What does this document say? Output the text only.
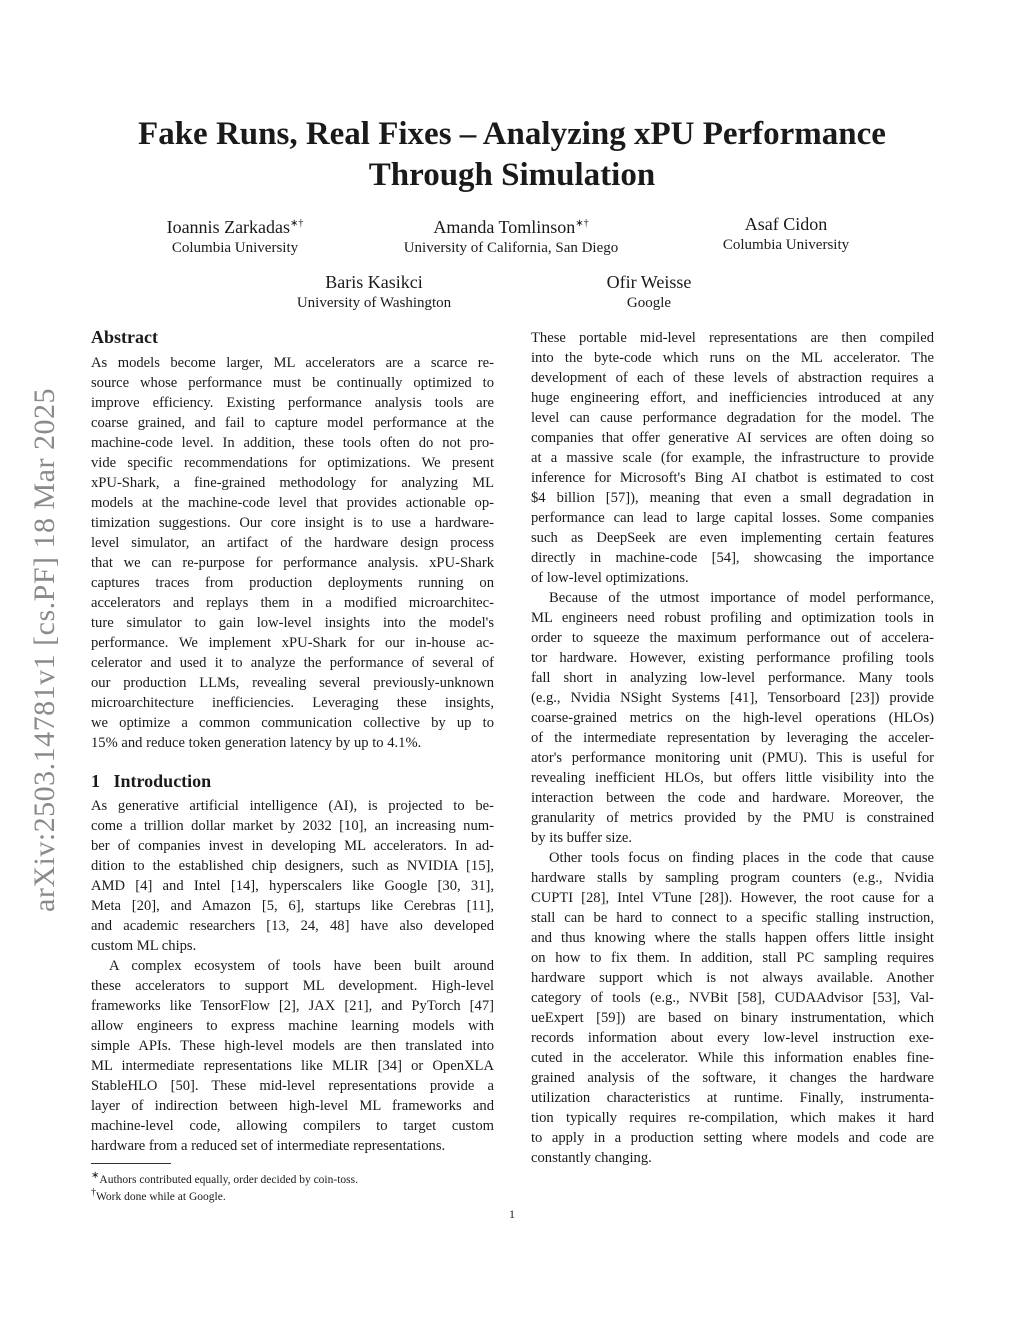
arXiv:2503.14781v1 [cs.PF] 18 Mar 2025
Fake Runs, Real Fixes – Analyzing xPU Performance
Through Simulation
Ioannis Zarkadas∗†
Columbia University
Amanda Tomlinson∗†
University of California, San Diego
Asaf Cidon
Columbia University
Baris Kasikci
University of Washington
Ofir Weisse
Google
Abstract
As models become larger, ML accelerators are a scarce re-
source whose performance must be continually optimized to
improve efficiency. Existing performance analysis tools are
coarse grained, and fail to capture model performance at the
machine-code level. In addition, these tools often do not pro-
vide specific recommendations for optimizations. We present
xPU-Shark, a fine-grained methodology for analyzing ML
models at the machine-code level that provides actionable op-
timization suggestions. Our core insight is to use a hardware-
level simulator, an artifact of the hardware design process
that we can re-purpose for performance analysis. xPU-Shark
captures traces from production deployments running on
accelerators and replays them in a modified microarchitec-
ture simulator to gain low-level insights into the model's
performance. We implement xPU-Shark for our in-house ac-
celerator and used it to analyze the performance of several of
our production LLMs, revealing several previously-unknown
microarchitecture inefficiencies. Leveraging these insights,
we optimize a common communication collective by up to
15% and reduce token generation latency by up to 4.1%.
1   Introduction
As generative artificial intelligence (AI), is projected to be-
come a trillion dollar market by 2032 [10], an increasing num-
ber of companies invest in developing ML accelerators. In ad-
dition to the established chip designers, such as NVIDIA [15],
AMD [4] and Intel [14], hyperscalers like Google [30, 31],
Meta [20], and Amazon [5, 6], startups like Cerebras [11],
and academic researchers [13, 24, 48] have also developed
custom ML chips.
A complex ecosystem of tools have been built around
these accelerators to support ML development. High-level
frameworks like TensorFlow [2], JAX [21], and PyTorch [47]
allow engineers to express machine learning models with
simple APIs. These high-level models are then translated into
ML intermediate representations like MLIR [34] or OpenXLA
StableHLO [50]. These mid-level representations provide a
layer of indirection between high-level ML frameworks and
machine-level code, allowing compilers to target custom
hardware from a reduced set of intermediate representations.
These portable mid-level representations are then compiled
into the byte-code which runs on the ML accelerator. The
development of each of these levels of abstraction requires a
huge engineering effort, and inefficiencies introduced at any
level can cause performance degradation for the model. The
companies that offer generative AI services are often doing so
at a massive scale (for example, the infrastructure to provide
inference for Microsoft's Bing AI chatbot is estimated to cost
$4 billion [57]), meaning that even a small degradation in
performance can lead to large capital losses. Some companies
such as DeepSeek are even implementing certain features
directly in machine-code [54], showcasing the importance
of low-level optimizations.
Because of the utmost importance of model performance,
ML engineers need robust profiling and optimization tools in
order to squeeze the maximum performance out of accelera-
tor hardware. However, existing performance profiling tools
fall short in analyzing low-level performance. Many tools
(e.g., Nvidia NSight Systems [41], Tensorboard [23]) provide
coarse-grained metrics on the high-level operations (HLOs)
of the intermediate representation by leveraging the acceler-
ator's performance monitoring unit (PMU). This is useful for
revealing inefficient HLOs, but offers little visibility into the
interaction between the code and hardware. Moreover, the
granularity of metrics provided by the PMU is constrained
by its buffer size.
Other tools focus on finding places in the code that cause
hardware stalls by sampling program counters (e.g., Nvidia
CUPTI [28], Intel VTune [28]). However, the root cause for a
stall can be hard to connect to a specific stalling instruction,
and thus knowing where the stalls happen offers little insight
on how to fix them. In addition, stall PC sampling requires
hardware support which is not always available. Another
category of tools (e.g., NVBit [58], CUDAAdvisor [53], Val-
ueExpert [59]) are based on binary instrumentation, which
records information about every low-level instruction exe-
cuted in the accelerator. While this information enables fine-
grained analysis of the software, it changes the hardware
utilization characteristics at runtime. Finally, instrumenta-
tion typically requires re-compilation, which makes it hard
to apply in a production setting where models and code are
constantly changing.
∗Authors contributed equally, order decided by coin-toss.
†Work done while at Google.
1
